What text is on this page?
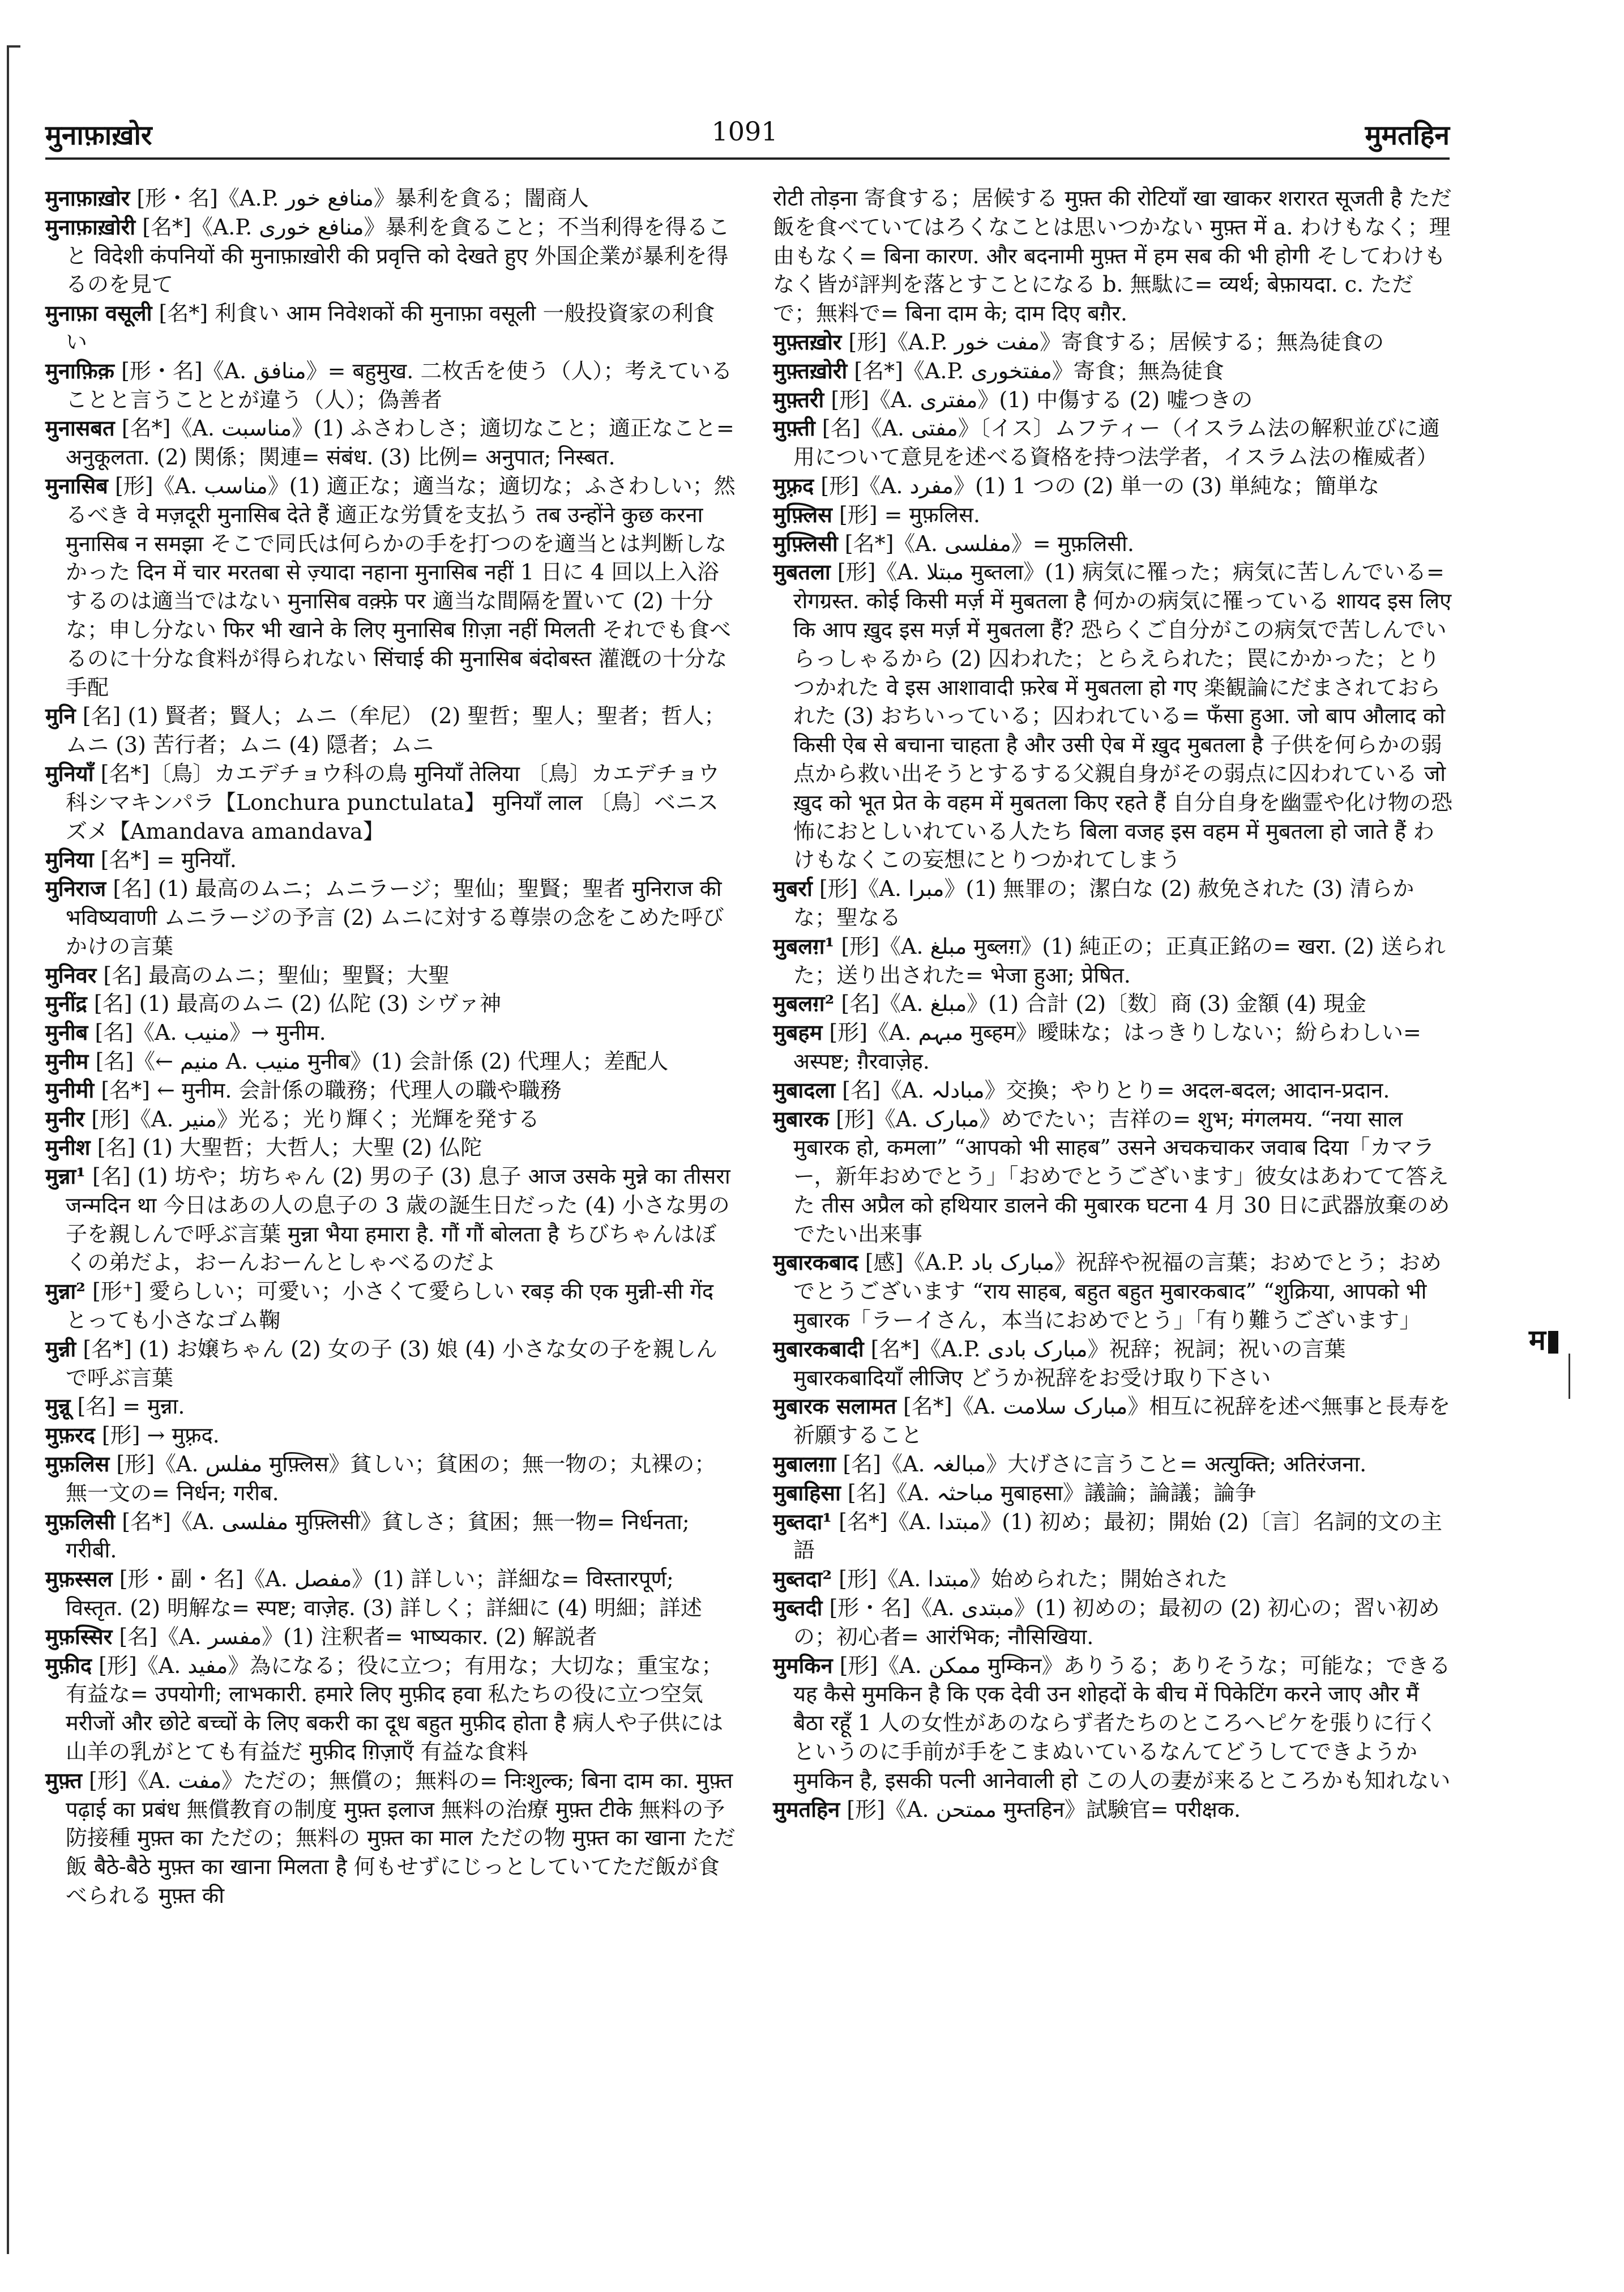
मुनाफ़ाख़ोर	1091	मुमतहिन

मुनाफ़ाख़ोर [形・名]《A.P. منافع خور》暴利を貪る；闇商人

मुनाफ़ाख़ोरी [名*]《A.P. منافع خوری》暴利を貪ること；不当利得を得ること विदेशी कंपनियों की मुनाफ़ाख़ोरी की प्रवृत्ति को देखते हुए 外国企業が暴利を得るのを見て

मुनाफ़ा वसूली [名*] 利食い आम निवेशकों की मुनाफ़ा वसूली 一般投資家の利食い

मुनाफ़िक़ [形・名]《A. منافق》= बहुमुख. 二枚舌を使う（人）；考えていることと言うこととが違う（人）；偽善者

मुनासबत [名*]《A. مناسبت》(1) ふさわしさ；適切なこと；適正なこと= अनुकूलता. (2) 関係；関連= संबंध. (3) 比例= अनुपात; निस्बत.

मुनासिब [形]《A. مناسب》(1) 適正な；適当な；適切な；ふさわしい；然るべき वे मज़दूरी मुनासिब देते हैं 適正な労賃を支払う तब उन्होंने कुछ करना मुनासिब न समझा そこで同氏は何らかの手を打つのを適当とは判断しなかった दिन में चार मरतबा से ज़्यादा नहाना मुनासिब नहीं 1 日に 4 回以上入浴するのは適当ではない मुनासिब वक़्फ़े पर 適当な間隔を置いて (2) 十分な；申し分ない फिर भी खाने के लिए मुनासिब ग़िज़ा नहीं मिलती それでも食べるのに十分な食料が得られない सिंचाई की मुनासिब बंदोबस्त 灌漑の十分な手配

मुनि [名] (1) 賢者；賢人；ムニ（牟尼） (2) 聖哲；聖人；聖者；哲人；ムニ (3) 苦行者；ムニ (4) 隠者；ムニ

मुनियाँ [名*]〔鳥〕カエデチョウ科の鳥 मुनियाँ तेलिया 〔鳥〕カエデチョウ科シマキンパラ【Lonchura punctulata】 मुनियाँ लाल 〔鳥〕ベニスズメ【Amandava amandava】

मुनिया [名*] = मुनियाँ.

मुनिराज [名] (1) 最高のムニ；ムニラージ；聖仙；聖賢；聖者 मुनिराज की भविष्यवाणी ムニラージの予言 (2) ムニに対する尊崇の念をこめた呼びかけの言葉

मुनिवर [名] 最高のムニ；聖仙；聖賢；大聖

मुनींद्र [名] (1) 最高のムニ (2) 仏陀 (3) シヴァ神

मुनीब [名]《A. منيب》→ मुनीम.

मुनीम [名]《← منيم A. منيب मुनीब》(1) 会計係 (2) 代理人；差配人

मुनीमी [名*] ← मुनीम. 会計係の職務；代理人の職や職務

मुनीर [形]《A. منير》光る；光り輝く；光輝を発する

मुनीश [名] (1) 大聖哲；大哲人；大聖 (2) 仏陀

मुन्ना¹ [名] (1) 坊や；坊ちゃん (2) 男の子 (3) 息子 आज उसके मुन्ने का तीसरा जन्मदिन था 今日はあの人の息子の 3 歳の誕生日だった (4) 小さな男の子を親しんで呼ぶ言葉 मुन्ना भैया हमारा है. गौं गौं बोलता है ちびちゃんはぼくの弟だよ，おーんおーんとしゃべるのだよ

मुन्ना² [形⁺] 愛らしい；可愛い；小さくて愛らしい रबड़ की एक मुन्नी-सी गेंद とっても小さなゴム鞠

मुन्नी [名*] (1) お嬢ちゃん (2) 女の子 (3) 娘 (4) 小さな女の子を親しんで呼ぶ言葉

मुन्नू [名] = मुन्ना.

मुफ़रद [形] → मुफ़्रद.

मुफ़लिस [形]《A. مفلس मुफ़्लिस》貧しい；貧困の；無一物の；丸裸の；無一文の= निर्धन; गरीब.

मुफ़लिसी [名*]《A. مفلسی मुफ़्लिसी》貧しさ；貧困；無一物= निर्धनता; गरीबी.

मुफ़स्सल [形・副・名]《A. مفصل》(1) 詳しい；詳細な= विस्तारपूर्ण; विस्तृत. (2) 明解な= स्पष्ट; वाज़ेह. (3) 詳しく；詳細に (4) 明細；詳述

मुफ़स्सिर [名]《A. مفسر》(1) 注釈者= भाष्यकार. (2) 解説者

मुफ़ीद [形]《A. مفيد》為になる；役に立つ；有用な；大切な；重宝な；有益な= उपयोगी; लाभकारी. हमारे लिए मुफ़ीद हवा 私たちの役に立つ空気 मरीजों और छोटे बच्चों के लिए बकरी का दूध बहुत मुफ़ीद होता है 病人や子供には山羊の乳がとても有益だ मुफ़ीद ग़िज़ाएँ 有益な食料

मुफ़्त [形]《A. مفت》ただの；無償の；無料の= निःशुल्क; बिना दाम का. मुफ़्त पढ़ाई का प्रबंध 無償教育の制度 मुफ़्त इलाज 無料の治療 मुफ़्त टीके 無料の予防接種 मुफ़्त का ただの；無料の मुफ़्त का माल ただの物 मुफ़्त का खाना ただ飯 बैठे-बैठे मुफ़्त का खाना मिलता है 何もせずにじっとしていてただ飯が食べられる मुफ़्त की

रोटी तोड़ना 寄食する；居候する मुफ़्त की रोटियाँ खा खाकर शरारत सूजती है ただ飯を食べていてはろくなことは思いつかない मुफ़्त में a. わけもなく；理由もなく= बिना कारण. और बदनामी मुफ़्त में हम सब की भी होगी そしてわけもなく皆が評判を落とすことになる b. 無駄に= व्यर्थ; बेफ़ायदा. c. ただで；無料で= बिना दाम के; दाम दिए बग़ैर.

मुफ़्तख़ोर [形]《A.P. مفت خور》寄食する；居候する；無為徒食の

मुफ़्तख़ोरी [名*]《A.P. مفتخوری》寄食；無為徒食

मुफ़्तरी [形]《A. مفتری》(1) 中傷する (2) 嘘つきの

मुफ़्ती [名]《A. مفتی》〔イス〕ムフティー（イスラム法の解釈並びに適用について意見を述べる資格を持つ法学者，イスラム法の権威者）

मुफ़्रद [形]《A. مفرد》(1) 1 つの (2) 単一の (3) 単純な；簡単な

मुफ़्लिस [形] = मुफ़लिस.

मुफ़्लिसी [名*]《A. مفلسی》= मुफ़लिसी.

मुबतला [形]《A. مبتلا मुब्तला》(1) 病気に罹った；病気に苦しんでいる= रोगग्रस्त. कोई किसी मर्ज़ में मुबतला है 何かの病気に罹っている शायद इस लिए कि आप ख़ुद इस मर्ज़ में मुबतला हैं? 恐らくご自分がこの病気で苦しんでいらっしゃるから (2) 囚われた；とらえられた；罠にかかった；とりつかれた वे इस आशावादी फ़रेब में मुबतला हो गए 楽観論にだまされておられた (3) おちいっている；囚われている= फँसा हुआ. जो बाप औलाद को किसी ऐब से बचाना चाहता है और उसी ऐब में ख़ुद मुबतला है 子供を何らかの弱点から救い出そうとするする父親自身がその弱点に囚われている जो ख़ुद को भूत प्रेत के वहम में मुबतला किए रहते हैं 自分自身を幽霊や化け物の恐怖におとしいれている人たち बिला वजह इस वहम में मुबतला हो जाते हैं わけもなくこの妄想にとりつかれてしまう

मुबर्रा [形]《A. مبرا》(1) 無罪の；潔白な (2) 赦免された (3) 清らかな；聖なる

मुबलग़¹ [形]《A. مبلغ मुब्लग़》(1) 純正の；正真正銘の= खरा. (2) 送られた；送り出された= भेजा हुआ; प्रेषित.

मुबलग़² [名]《A. مبلغ》(1) 合計 (2)〔数〕商 (3) 金額 (4) 現金

मुबहम [形]《A. مبہم मुब्हम》曖昧な；はっきりしない；紛らわしい= अस्पष्ट; ग़ैरवाज़ेह.

मुबादला [名]《A. مبادلہ》交換；やりとり= अदल-बदल; आदान-प्रदान.

मुबारक [形]《A. مبارک》めでたい；吉祥の= शुभ; मंगलमय. “नया साल मुबारक हो, कमला” “आपको भी साहब” उसने अचकचाकर जवाब दिया「カマラー，新年おめでとう」「おめでとうございます」彼女はあわてて答えた तीस अप्रैल को हथियार डालने की मुबारक घटना 4 月 30 日に武器放棄のめでたい出来事

मुबारकबाद [感]《A.P. مبارک باد》祝辞や祝福の言葉；おめでとう；おめでとうございます “राय साहब, बहुत बहुत मुबारकबाद” “शुक्रिया, आपको भी मुबारक「ラーイさん，本当におめでとう」「有り難うございます」

मुबारकबादी [名*]《A.P. مبارک بادی》祝辞；祝詞；祝いの言葉 मुबारकबादियाँ लीजिए どうか祝辞をお受け取り下さい

मुबारक सलामत [名*]《A. مبارک سلامت》相互に祝辞を述べ無事と長寿を祈願すること

मुबालग़ा [名]《A. مبالغہ》大げさに言うこと= अत्युक्ति; अतिरंजना.

मुबाहिसा [名]《A. مباحثہ मुबाहसा》議論；論議；論争

मुब्तदा¹ [名*]《A. مبتدا》(1) 初め；最初；開始 (2)〔言〕名詞的文の主語

मुब्तदा² [形]《A. مبتدا》始められた；開始された

मुब्तदी [形・名]《A. مبتدی》(1) 初めの；最初の (2) 初心の；習い初めの；初心者= आरंभिक; नौसिखिया.

मुमकिन [形]《A. ممکن मुम्किन》ありうる；ありそうな；可能な；できる यह कैसे मुमकिन है कि एक देवी उन शोहदों के बीच में पिकेटिंग करने जाए और मैं बैठा रहूँ 1 人の女性があのならず者たちのところへピケを張りに行くというのに手前が手をこまぬいているなんてどうしてできようか मुमकिन है, इसकी पत्नी आनेवाली हो この人の妻が来るところかも知れない

मुमतहिन [形]《A. ممتحن मुम्तहिन》試験官= परीक्षक.

म
